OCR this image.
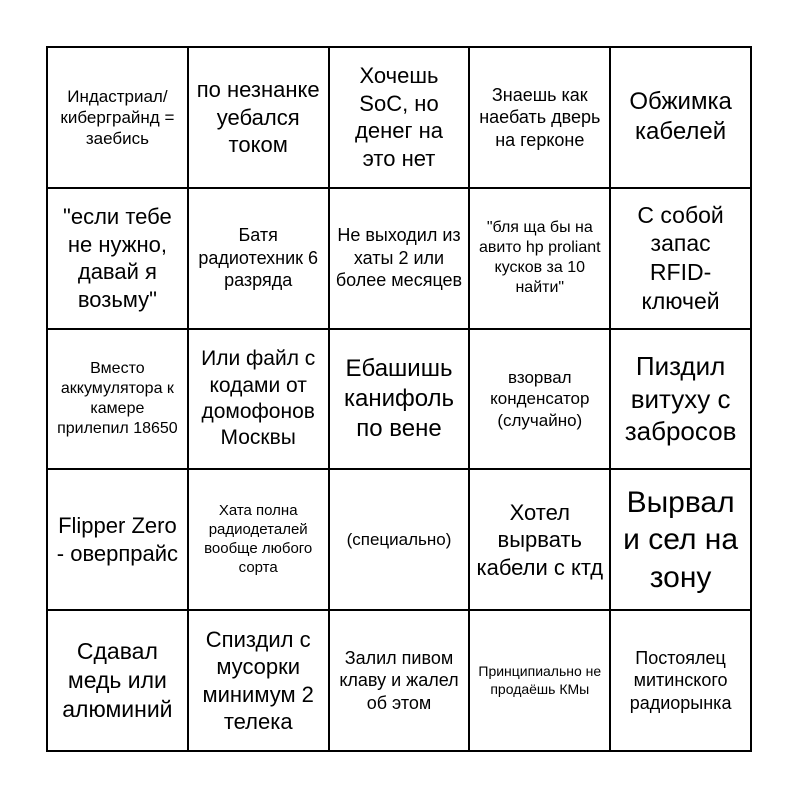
Индастриал/ киберграйнд = заебись
по незнанке уебался током
Хочешь SoC, но денег на это нет
Знаешь как наебать дверь на герконе
Обжимка кабелей
"если тебе не нужно, давай я возьму"
Батя радиотехник 6 разряда
Не выходил из хаты 2 или более месяцев
"бля ща бы на авито hp proliant кусков за 10 найти"
С собой запас RFID-ключей
Вместо аккумулятора к камере прилепил 18650
Или файл с кодами от домофонов Москвы
Ебашишь канифоль по вене
взорвал конденсатор (случайно)
Пиздил витуху с забросов
Flipper Zero - оверпрайс
Хата полна радиодеталей вообще любого сорта
(специально)
Хотел вырвать кабели с ктд
Вырвал и сел на зону
Сдавал медь или алюминий
Спиздил с мусорки минимум 2 телека
Залил пивом клаву и жалел об этом
Принципиально не продаёшь КМы
Постоялец митинского радиорынка
